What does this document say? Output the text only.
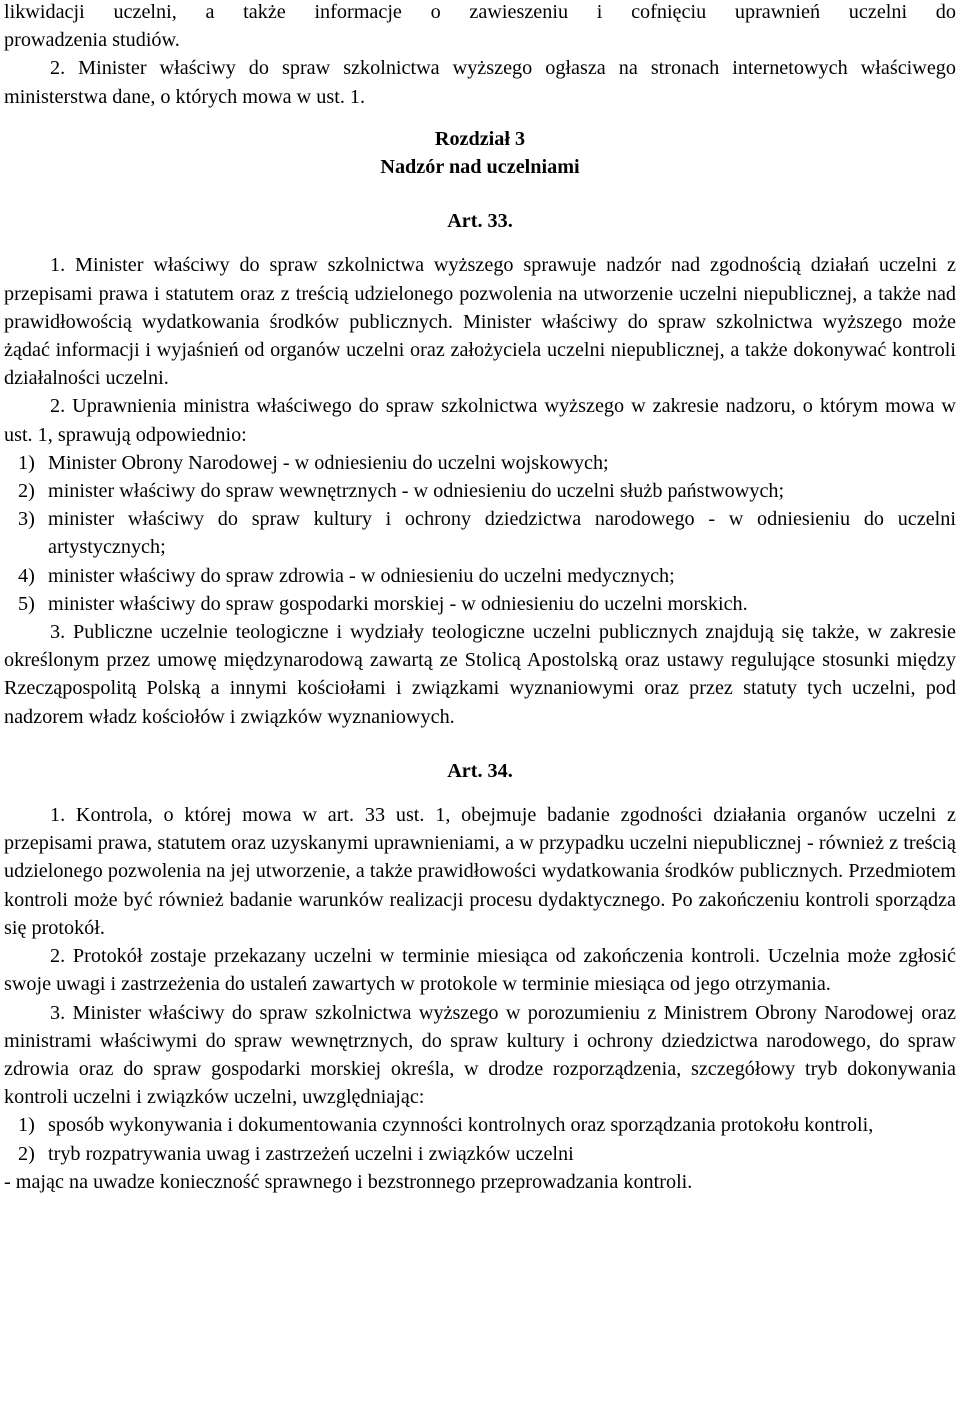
likwidacji uczelni, a także informacje o zawieszeniu i cofnięciu uprawnień uczelni do

prowadzenia studiów.

2. Minister właściwy do spraw szkolnictwa wyższego ogłasza na stronach internetowych właściwego ministerstwa dane, o których mowa w ust. 1.

Rozdział 3

Nadzór nad uczelniami

Art. 33.

1. Minister właściwy do spraw szkolnictwa wyższego sprawuje nadzór nad zgodnością działań uczelni z przepisami prawa i statutem oraz z treścią udzielonego pozwolenia na utworzenie uczelni niepublicznej, a także nad prawidłowością wydatkowania środków publicznych. Minister właściwy do spraw szkolnictwa wyższego może żądać informacji i wyjaśnień od organów uczelni oraz założyciela uczelni niepublicznej, a także dokonywać kontroli działalności uczelni.

2. Uprawnienia ministra właściwego do spraw szkolnictwa wyższego w zakresie nadzoru, o którym mowa w ust. 1, sprawują odpowiednio:

1) Minister Obrony Narodowej - w odniesieniu do uczelni wojskowych;
2) minister właściwy do spraw wewnętrznych - w odniesieniu do uczelni służb państwowych;
3) minister właściwy do spraw kultury i ochrony dziedzictwa narodowego - w odniesieniu do uczelni artystycznych;
4) minister właściwy do spraw zdrowia - w odniesieniu do uczelni medycznych;
5) minister właściwy do spraw gospodarki morskiej - w odniesieniu do uczelni morskich.

3. Publiczne uczelnie teologiczne i wydziały teologiczne uczelni publicznych znajdują się także, w zakresie określonym przez umowę międzynarodową zawartą ze Stolicą Apostolską oraz ustawy regulujące stosunki między Rzecząpospolitą Polską a innymi kościołami i związkami wyznaniowymi oraz przez statuty tych uczelni, pod nadzorem władz kościołów i związków wyznaniowych.

Art. 34.

1. Kontrola, o której mowa w art. 33 ust. 1, obejmuje badanie zgodności działania organów uczelni z przepisami prawa, statutem oraz uzyskanymi uprawnieniami, a w przypadku uczelni niepublicznej - również z treścią udzielonego pozwolenia na jej utworzenie, a także prawidłowości wydatkowania środków publicznych. Przedmiotem kontroli może być również badanie warunków realizacji procesu dydaktycznego. Po zakończeniu kontroli sporządza się protokół.

2. Protokół zostaje przekazany uczelni w terminie miesiąca od zakończenia kontroli. Uczelnia może zgłosić swoje uwagi i zastrzeżenia do ustaleń zawartych w protokole w terminie miesiąca od jego otrzymania.

3. Minister właściwy do spraw szkolnictwa wyższego w porozumieniu z Ministrem Obrony Narodowej oraz ministrami właściwymi do spraw wewnętrznych, do spraw kultury i ochrony dziedzictwa narodowego, do spraw zdrowia oraz do spraw gospodarki morskiej określa, w drodze rozporządzenia, szczegółowy tryb dokonywania kontroli uczelni i związków uczelni, uwzględniając:

1) sposób wykonywania i dokumentowania czynności kontrolnych oraz sporządzania protokołu kontroli,
2) tryb rozpatrywania uwag i zastrzeżeń uczelni i związków uczelni

- mając na uwadze konieczność sprawnego i bezstronnego przeprowadzania kontroli.
